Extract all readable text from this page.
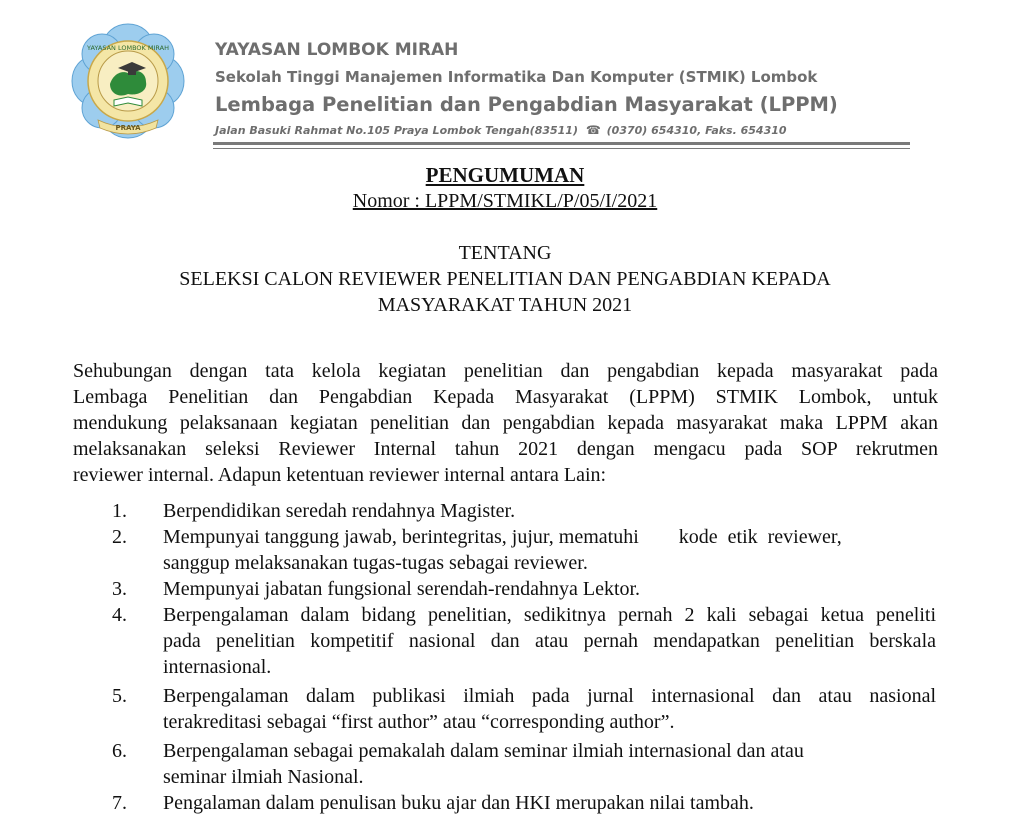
YAYASAN LOMBOK MIRAH
PRAYA
YAYASAN LOMBOK MIRAH
Sekolah Tinggi Manajemen Informatika Dan Komputer (STMIK) Lombok
Lembaga Penelitian dan Pengabdian Masyarakat (LPPM)
Jalan Basuki Rahmat No.105 Praya Lombok Tengah(83511) ☎ (0370) 654310, Faks. 654310
PENGUMUMAN
Nomor : LPPM/STMIKL/P/05/I/2021
TENTANG
SELEKSI CALON REVIEWER PENELITIAN DAN PENGABDIAN KEPADA
MASYARAKAT TAHUN 2021
Sehubungan dengan tata kelola kegiatan penelitian dan pengabdian kepada masyarakat pada
Lembaga Penelitian dan Pengabdian Kepada Masyarakat (LPPM) STMIK Lombok, untuk
mendukung pelaksanaan kegiatan penelitian dan pengabdian kepada masyarakat maka LPPM akan
melaksanakan seleksi Reviewer Internal tahun 2021 dengan mengacu pada SOP rekrutmen
reviewer internal. Adapun ketentuan reviewer internal antara Lain:
1. Berpendidikan seredah rendahnya Magister.
2. Mempunyai tanggung jawab, berintegritas, jujur, mematuhi        kode  etik  reviewer,
sanggup melaksanakan tugas-tugas sebagai reviewer.
3. Mempunyai jabatan fungsional serendah-rendahnya Lektor.
4. Berpengalaman dalam bidang penelitian, sedikitnya pernah 2 kali sebagai ketua peneliti
pada penelitian kompetitif nasional dan atau pernah mendapatkan penelitian berskala
internasional.
5. Berpengalaman dalam publikasi ilmiah pada jurnal internasional dan atau nasional
terakreditasi sebagai “first author” atau “corresponding author”.
6. Berpengalaman sebagai pemakalah dalam seminar ilmiah internasional dan atau
seminar ilmiah Nasional.
7. Pengalaman dalam penulisan buku ajar dan HKI merupakan nilai tambah.
